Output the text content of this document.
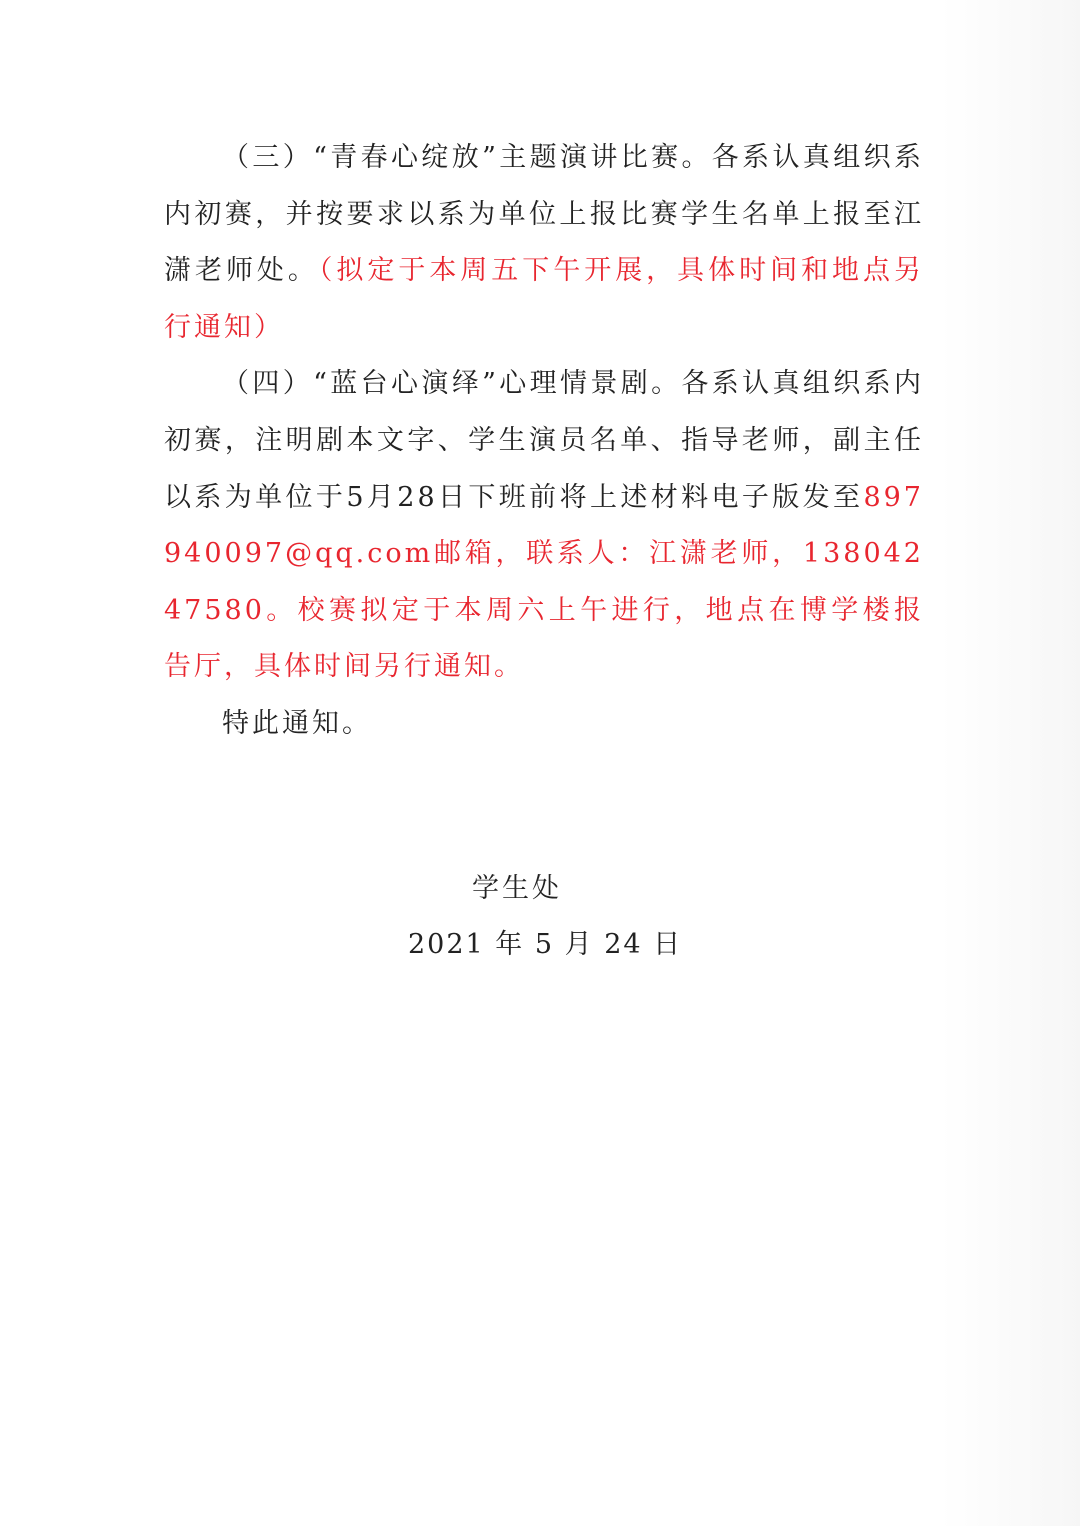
（三）“青春心绽放”主题演讲比赛。各系认真组织系内初赛，并按要求以系为单位上报比赛学生名单上报至江潇老师处。（拟定于本周五下午开展，具体时间和地点另行通知）

（四）“蓝台心演绎”心理情景剧。各系认真组织系内初赛，注明剧本文字、学生演员名单、指导老师，副主任以系为单位于5月28日下班前将上述材料电子版发至897940097@qq.com邮箱，联系人：江潇老师，13804247580。校赛拟定于本周六上午进行，地点在博学楼报告厅，具体时间另行通知。

特此通知。

学生处
2021 年 5 月 24 日
